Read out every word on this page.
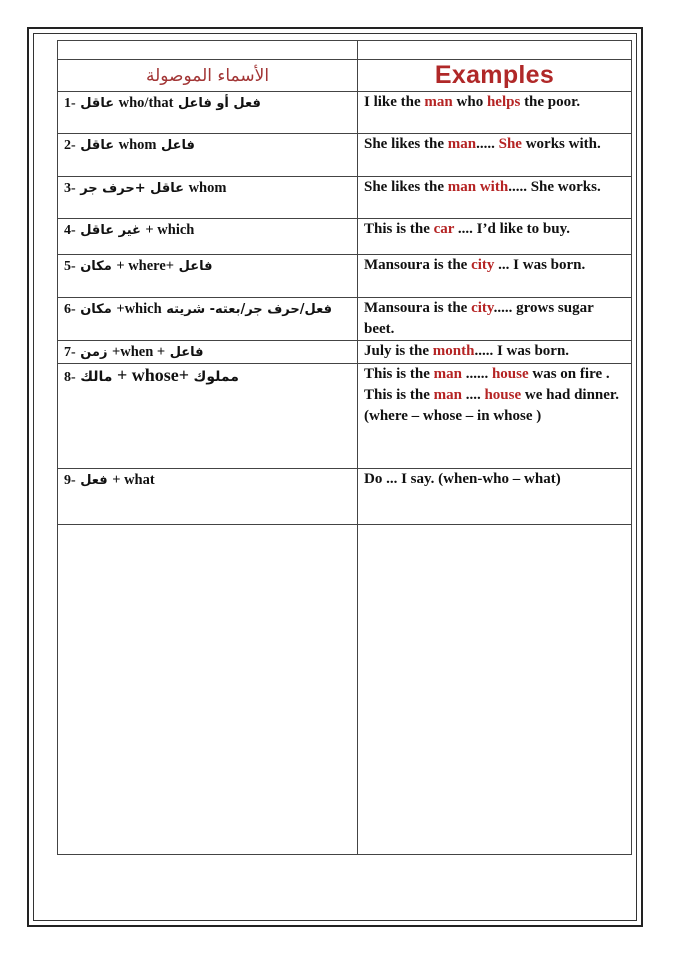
الأسماء الموصولة	Examples

1- عاقل who/that فعل أو فاعل	I like the man who helps the poor.

2- عاقل whom فاعل	She likes the man..... She works with.

3- عاقل +حرف جر whom	She likes the man with..... She works.

4- غير عاقل + which	This is the car .... I’d like to buy.

5- مكان + where+ فاعل	Mansoura is the city ... I was born.

6- مكان +which فعل/حرف جر/بعته- شريته	Mansoura is the city..... grows sugar beet.

7- زمن +when + فاعل	July is the month..... I was born.

8- مالك + whose+ مملوك	This is the man ...... house was on fire .

This is the man .... house we had dinner.

(where – whose – in whose )

9- فعل + what	Do ... I say. (when-who – what)
